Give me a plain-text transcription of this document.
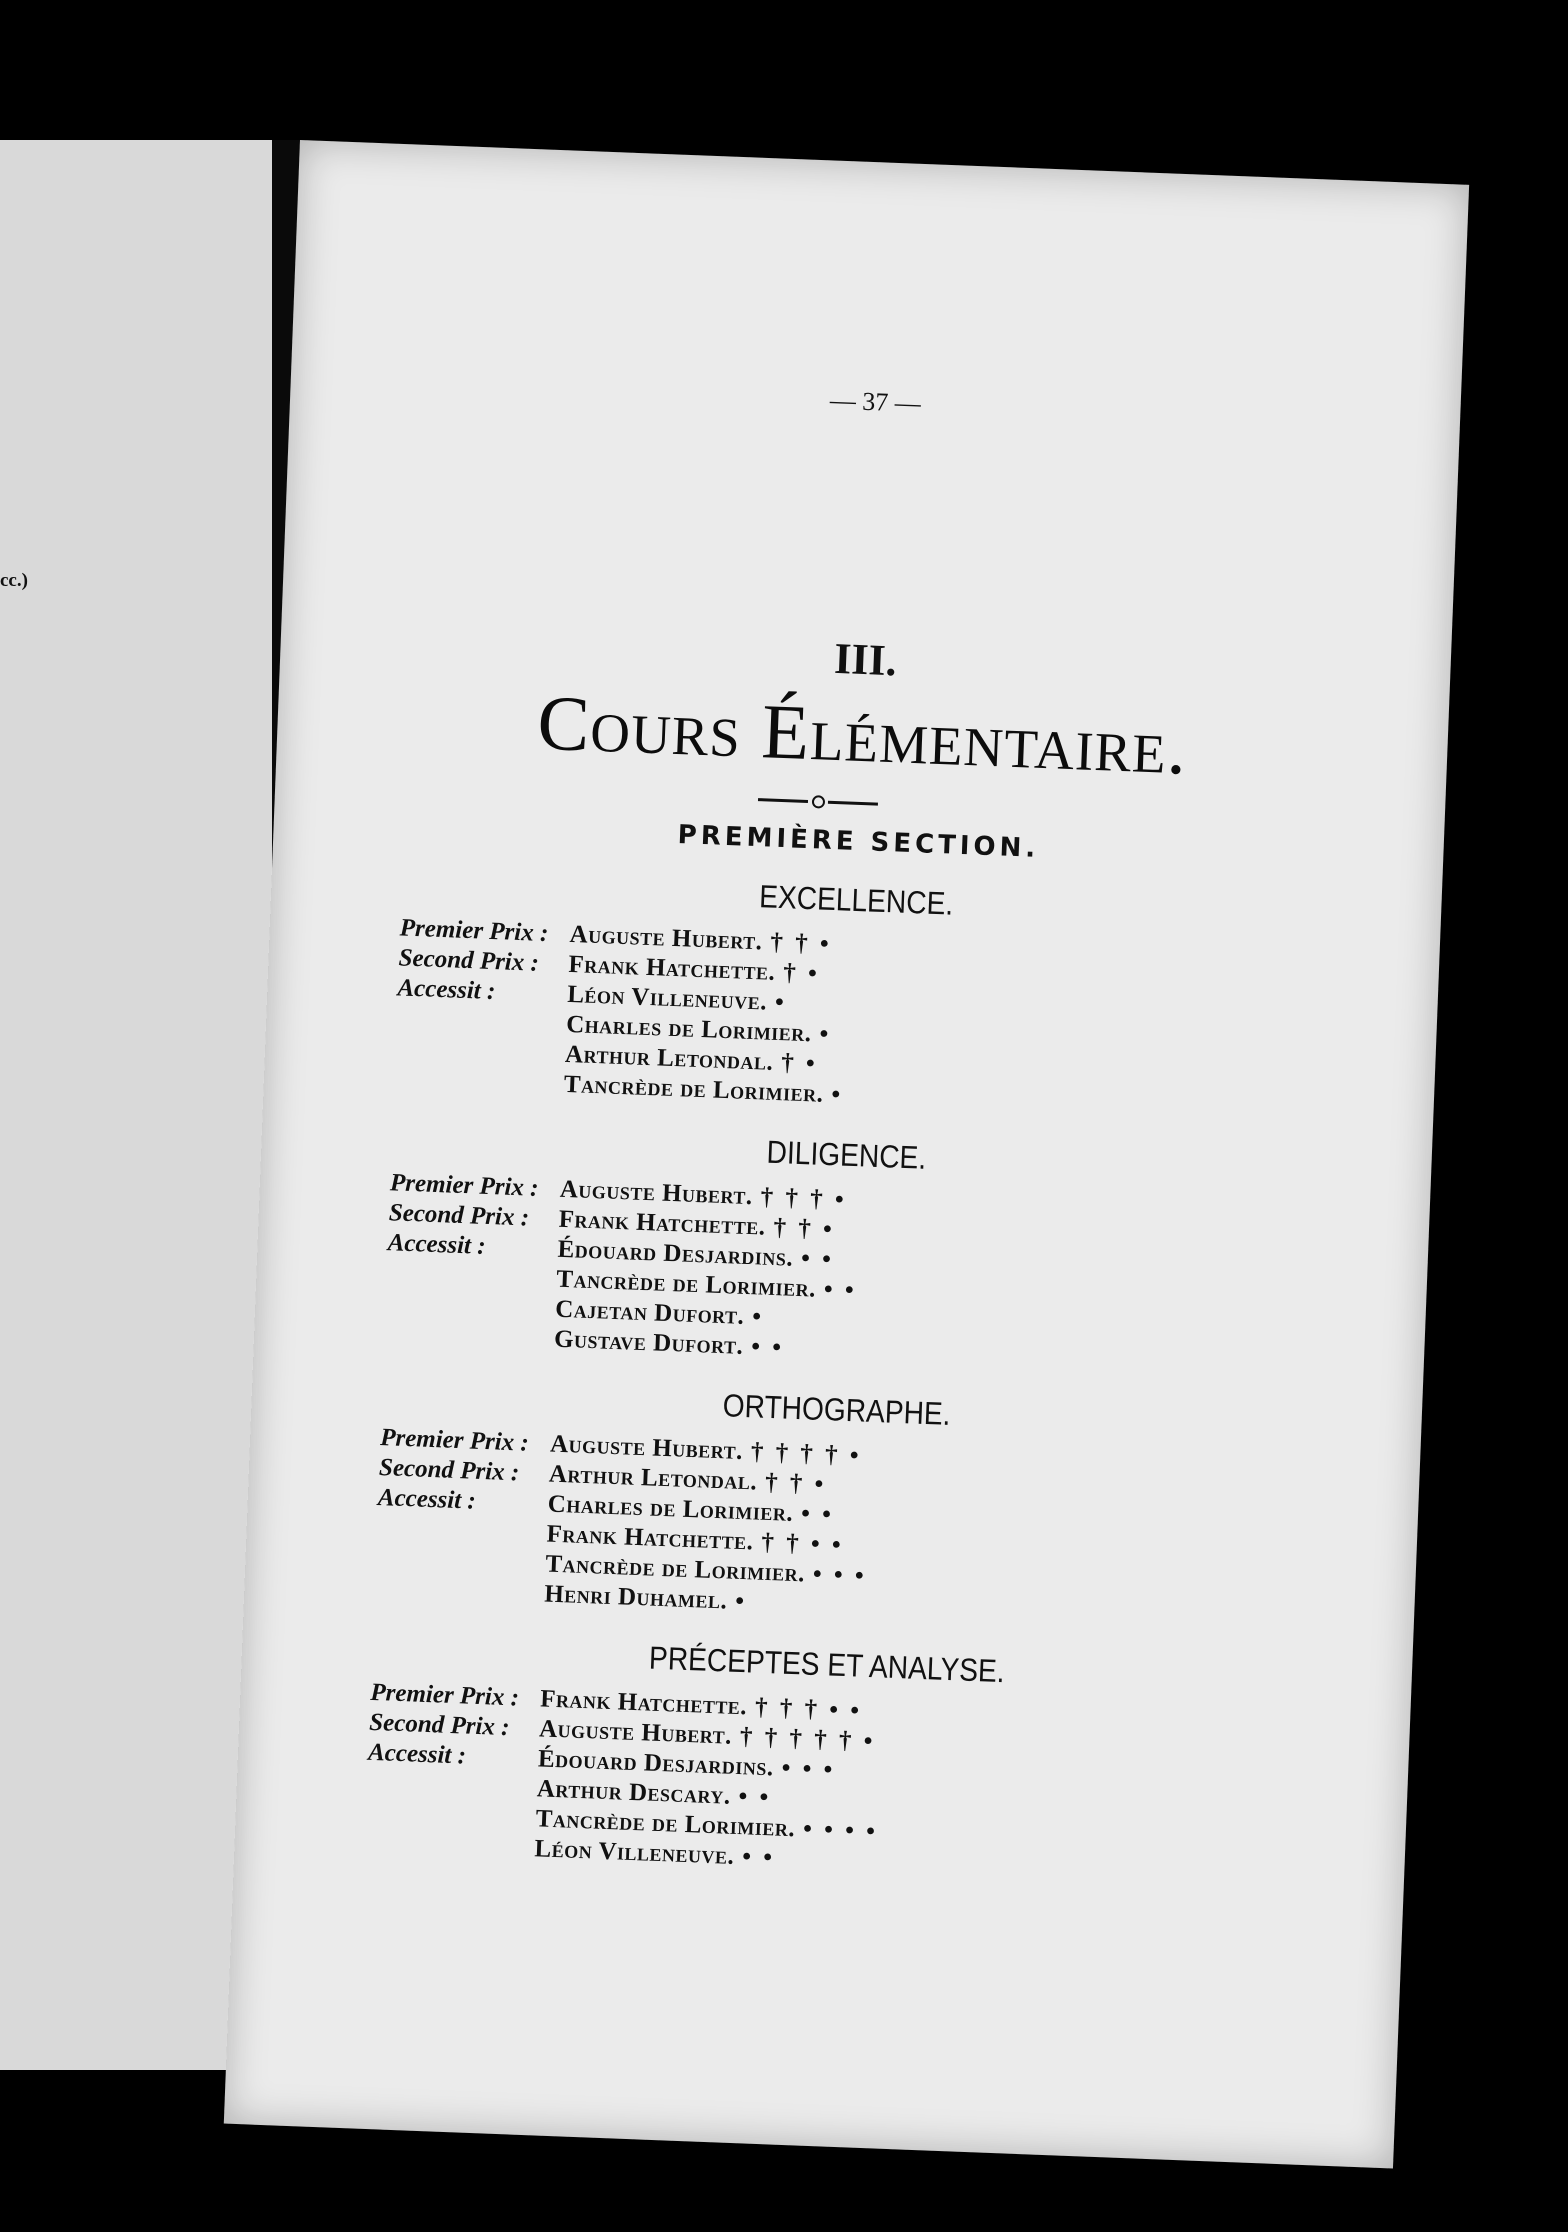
cc.)
— 37 —
III.
Cours Élémentaire.
PREMIÈRE SECTION.
EXCELLENCE.
Premier Prix : Auguste Hubert. † † •
Second Prix :	Frank Hatchette. † •
Accessit :	Léon Villeneuve. •
Charles de Lorimier. •
Arthur Letondal. † •
Tancrède de Lorimier. •
DILIGENCE.
Premier Prix : Auguste Hubert. † † † •
Second Prix :	Frank Hatchette. † † •
Accessit :	Édouard Desjardins. • •
Tancrède de Lorimier. • •
Cajetan Dufort. •
Gustave Dufort. • •
ORTHOGRAPHE.
Premier Prix : Auguste Hubert. † † † † •
Second Prix :	Arthur Letondal. † † •
Accessit :	Charles de Lorimier. • •
Frank Hatchette. † † • •
Tancrède de Lorimier. • • •
Henri Duhamel. •
PRÉCEPTES ET ANALYSE.
Premier Prix : Frank Hatchette. † † † • •
Second Prix :	Auguste Hubert. † † † † † •
Accessit :	Édouard Desjardins. • • •
Arthur Descary. • •
Tancrède de Lorimier. • • • •
Léon Villeneuve. • •
